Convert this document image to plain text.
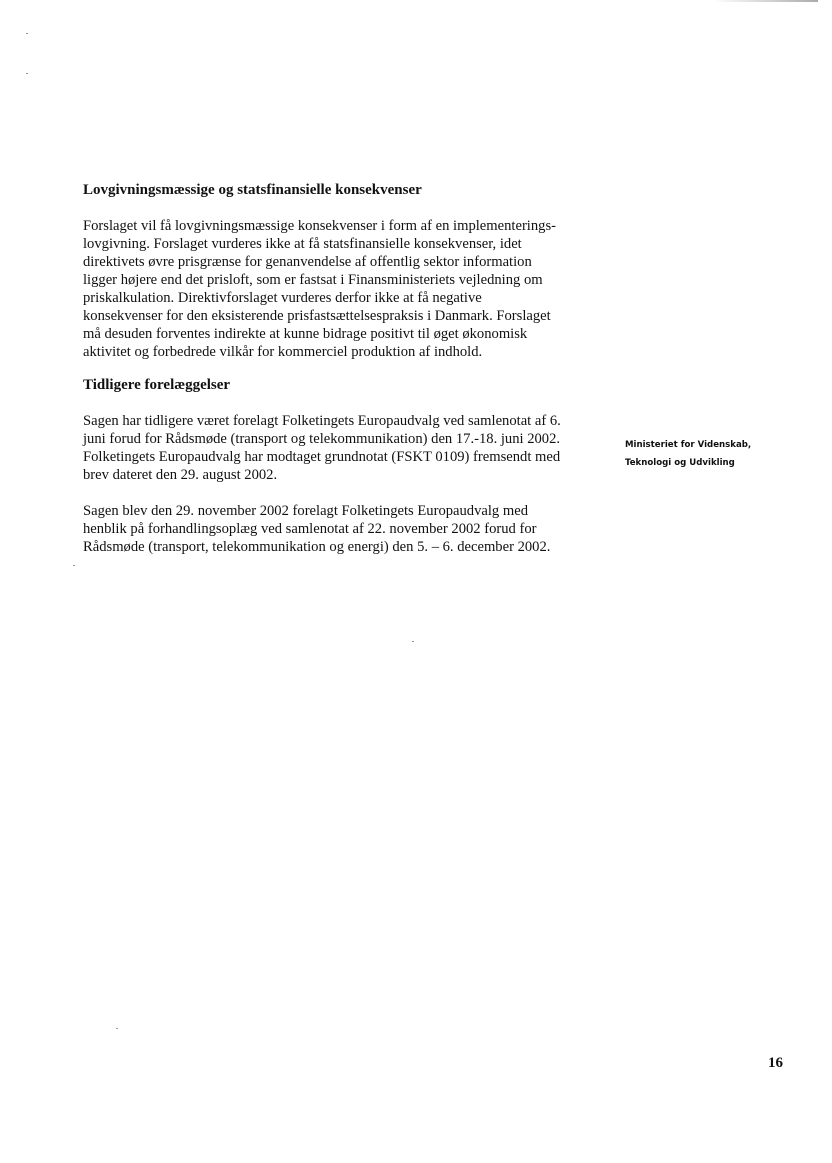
Lovgivningsmæssige og statsfinansielle konsekvenser

Forslaget vil få lovgivningsmæssige konsekvenser i form af en implementerings-
lovgivning. Forslaget vurderes ikke at få statsfinansielle konsekvenser, idet
direktivets øvre prisgrænse for genanvendelse af offentlig sektor information
ligger højere end det prisloft, som er fastsat i Finansministeriets vejledning om
priskalkulation. Direktivforslaget vurderes derfor ikke at få negative
konsekvenser for den eksisterende prisfastsættelsespraksis i Danmark. Forslaget
må desuden forventes indirekte at kunne bidrage positivt til øget økonomisk
aktivitet og forbedrede vilkår for kommerciel produktion af indhold.

Tidligere forelæggelser

Sagen har tidligere været forelagt Folketingets Europaudvalg ved samlenotat af 6.
juni forud for Rådsmøde (transport og telekommunikation) den 17.-18. juni 2002.
Folketingets Europaudvalg har modtaget grundnotat (FSKT 0109) fremsendt med
brev dateret den 29. august 2002.

Sagen blev den 29. november 2002 forelagt Folketingets Europaudvalg med
henblik på forhandlingsoplæg ved samlenotat af 22. november 2002 forud for
Rådsmøde (transport, telekommunikation og energi) den 5. – 6. december 2002.

Ministeriet for Videnskab,
Teknologi og Udvikling
16
